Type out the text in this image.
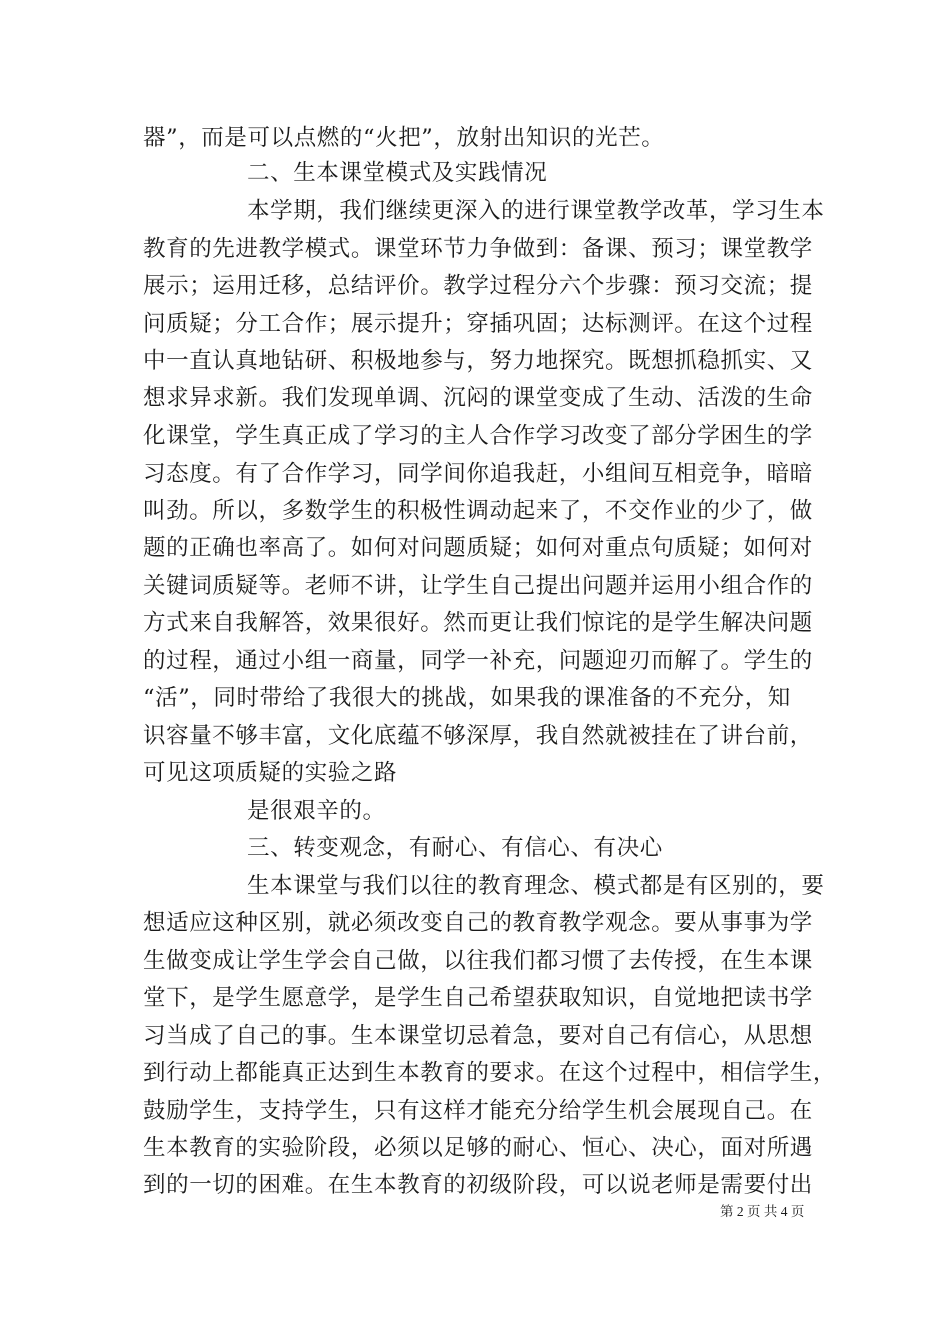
器”，而是可以点燃的“火把”，放射出知识的光芒。
二、生本课堂模式及实践情况
本学期，我们继续更深入的进行课堂教学改革，学习生本
教育的先进教学模式。课堂环节力争做到：备课、预习；课堂教学
展示；运用迁移，总结评价。教学过程分六个步骤：预习交流；提
问质疑；分工合作；展示提升；穿插巩固；达标测评。在这个过程
中一直认真地钻研、积极地参与，努力地探究。既想抓稳抓实、又
想求异求新。我们发现单调、沉闷的课堂变成了生动、活泼的生命
化课堂，学生真正成了学习的主人合作学习改变了部分学困生的学
习态度。有了合作学习，同学间你追我赶，小组间互相竞争，暗暗
叫劲。所以，多数学生的积极性调动起来了，不交作业的少了，做
题的正确也率高了。如何对问题质疑；如何对重点句质疑；如何对
关键词质疑等。老师不讲，让学生自己提出问题并运用小组合作的
方式来自我解答，效果很好。然而更让我们惊诧的是学生解决问题
的过程，通过小组一商量，同学一补充，问题迎刃而解了。学生的
“活”，同时带给了我很大的挑战，如果我的课准备的不充分，知
识容量不够丰富，文化底蕴不够深厚，我自然就被挂在了讲台前，
可见这项质疑的实验之路
是很艰辛的。
三、转变观念，有耐心、有信心、有决心
生本课堂与我们以往的教育理念、模式都是有区别的，要
想适应这种区别，就必须改变自己的教育教学观念。要从事事为学
生做变成让学生学会自己做，以往我们都习惯了去传授，在生本课
堂下，是学生愿意学，是学生自己希望获取知识，自觉地把读书学
习当成了自己的事。生本课堂切忌着急，要对自己有信心，从思想
到行动上都能真正达到生本教育的要求。在这个过程中，相信学生，
鼓励学生，支持学生，只有这样才能充分给学生机会展现自己。在
生本教育的实验阶段，必须以足够的耐心、恒心、决心，面对所遇
到的一切的困难。在生本教育的初级阶段，可以说老师是需要付出
第 2 页 共 4 页
